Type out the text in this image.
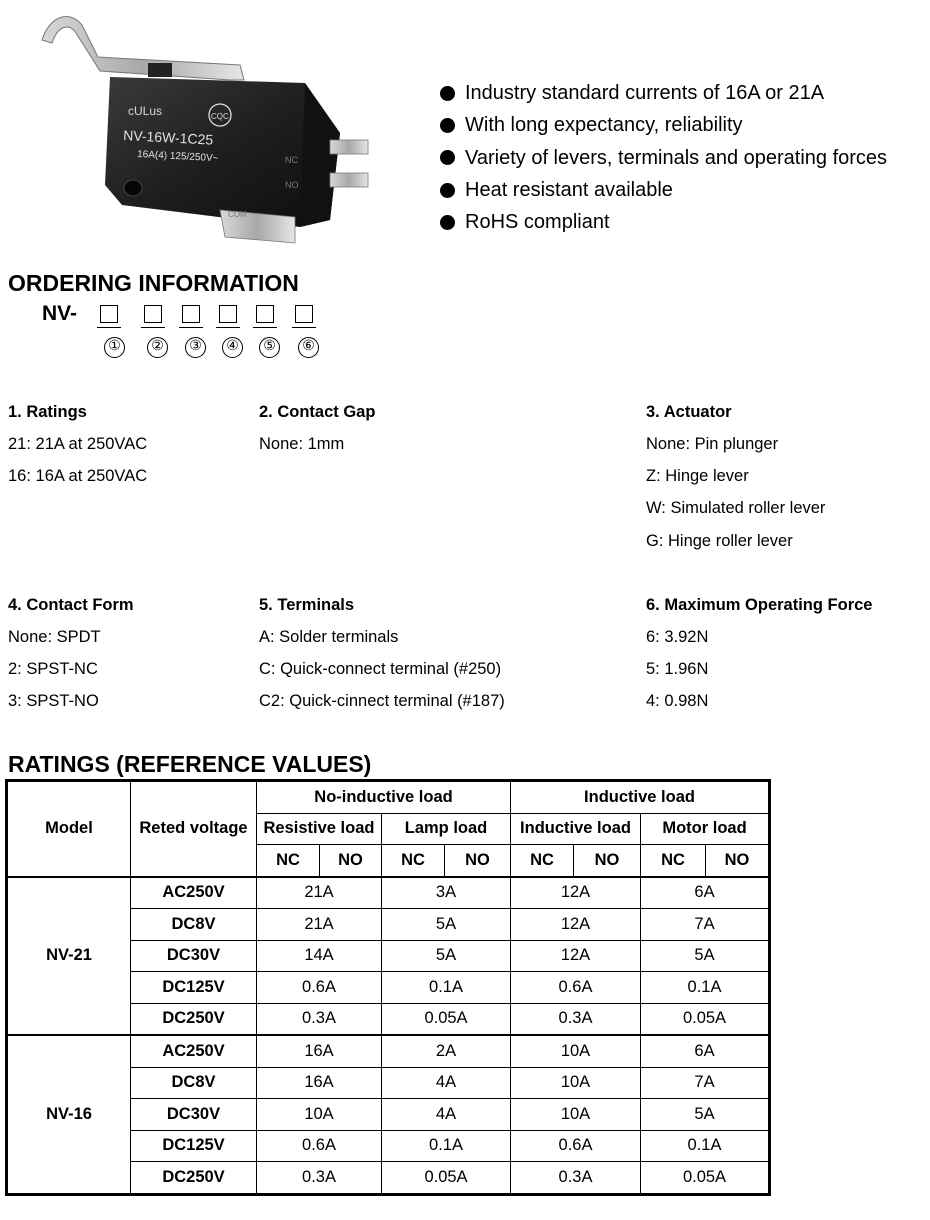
cULus	CQC
NV-16W-1C25
16A(4) 125/250V~	NC
NO
COM
Industry standard currents of 16A or 21A
With long expectancy, reliability
Variety of levers, terminals and operating forces
Heat resistant available
RoHS compliant
ORDERING INFORMATION
NV-
①	②	③	④	⑤	⑥
1. Ratings
21: 21A at 250VAC
16: 16A at 250VAC
2. Contact Gap
None: 1mm
3. Actuator
None: Pin plunger
Z: Hinge lever
W: Simulated roller lever
G: Hinge roller lever
4. Contact Form
None: SPDT
2: SPST-NC
3: SPST-NO
5. Terminals
A: Solder terminals
C: Quick-connect terminal (#250)
C2: Quick-cinnect terminal (#187)
6. Maximum Operating Force
6: 3.92N
5: 1.96N
4: 0.98N
RATINGS (REFERENCE VALUES)
Model	Reted voltage	No-inductive load				Inductive load			
		Resistive load		Lamp load		Inductive load		Motor load	
		NC	NO	NC	NO	NC	NO	NC	NO
NV-21	AC250V	21A		3A		12A		6A	
	DC8V	21A		5A		12A		7A	
	DC30V	14A		5A		12A		5A	
	DC125V	0.6A		0.1A		0.6A		0.1A	
	DC250V	0.3A		0.05A		0.3A		0.05A	
NV-16	AC250V	16A		2A		10A		6A	
	DC8V	16A		4A		10A		7A	
	DC30V	10A		4A		10A		5A	
	DC125V	0.6A		0.1A		0.6A		0.1A	
	DC250V	0.3A		0.05A		0.3A		0.05A	
